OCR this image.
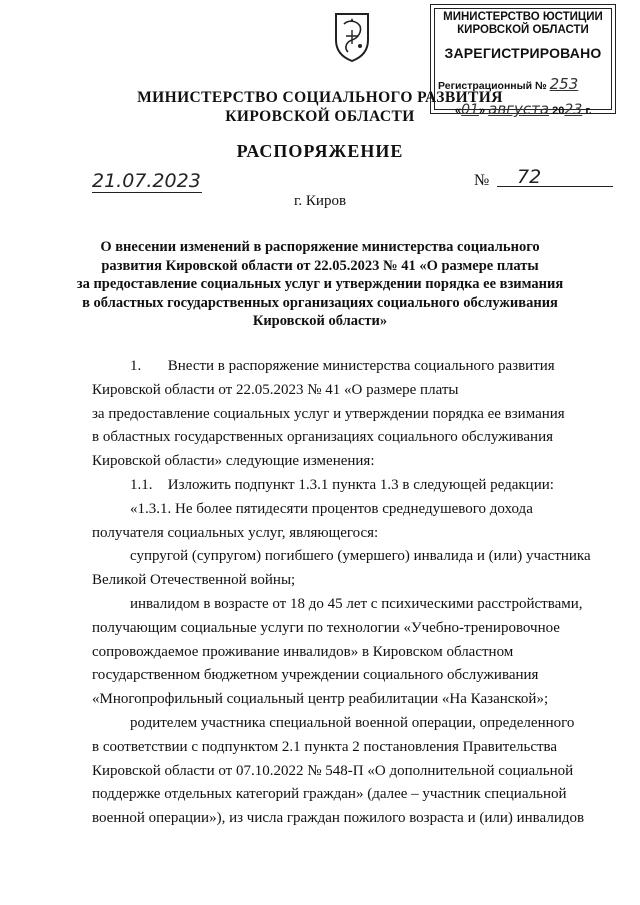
МИНИСТЕРСТВО ЮСТИЦИИ КИРОВСКОЙ ОБЛАСТИ
ЗАРЕГИСТРИРОВАНО
Регистрационный № 253
«01» августа 2023 г.
МИНИСТЕРСТВО СОЦИАЛЬНОГО РАЗВИТИЯ
КИРОВСКОЙ ОБЛАСТИ
РАСПОРЯЖЕНИЕ
21.07.2023	№ 72
г. Киров
О внесении изменений в распоряжение министерства социального
развития Кировской области от 22.05.2023 № 41 «О размере платы
за предоставление социальных услуг и утверждении порядка ее взимания
в областных государственных организациях социального обслуживания
Кировской области»

1. Внести в распоряжение министерства социального развития

Кировской области от 22.05.2023 № 41 «О размере платы

за предоставление социальных услуг и утверждении порядка ее взимания

в областных государственных организациях социального обслуживания

Кировской области» следующие изменения:

1.1. Изложить подпункт 1.3.1 пункта 1.3 в следующей редакции:

«1.3.1. Не более пятидесяти процентов среднедушевого дохода

получателя социальных услуг, являющегося:

супругой (супругом) погибшего (умершего) инвалида и (или) участника

Великой Отечественной войны;

инвалидом в возрасте от 18 до 45 лет с психическими расстройствами,

получающим социальные услуги по технологии «Учебно-тренировочное

сопровождаемое проживание инвалидов» в Кировском областном

государственном бюджетном учреждении социального обслуживания

«Многопрофильный социальный центр реабилитации «На Казанской»;

родителем участника специальной военной операции, определенного

в соответствии с подпунктом 2.1 пункта 2 постановления Правительства

Кировской области от 07.10.2022 № 548-П «О дополнительной социальной

поддержке отдельных категорий граждан» (далее – участник специальной

военной операции»), из числа граждан пожилого возраста и (или) инвалидов
